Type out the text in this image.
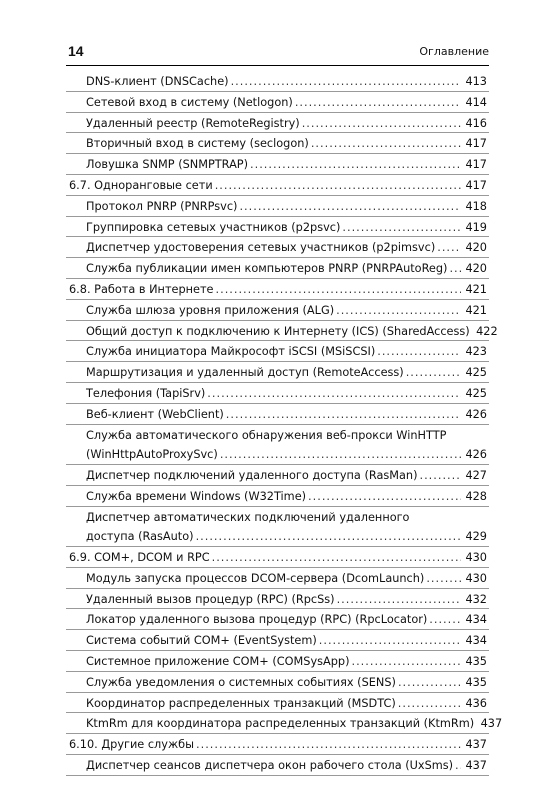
14	Оглавление
DNS-клиент (DNSCache) .....	413
Сетевой вход в систему (Netlogon) .....	414
Удаленный реестр (RemoteRegistry) .....	416
Вторичный вход в систему (seclogon) .....	417
Ловушка SNMP (SNMPTRAP) .....	417
6.7. Одноранговые сети .....	417
Протокол PNRP (PNRPsvc) .....	418
Группировка сетевых участников (p2psvc) .....	419
Диспетчер удостоверения сетевых участников (p2pimsvc) .....	420
Служба публикации имен компьютеров PNRP (PNRPAutoReg) ..... 420
6.8. Работа в Интернете .....	421
Служба шлюза уровня приложения (ALG) .....	421
Общий доступ к подключению к Интернету (ICS) (SharedAccess) 422
Служба инициатора Майкрософт iSCSI (MSiSCSI) .....	423
Маршрутизация и удаленный доступ (RemoteAccess) .....	425
Телефония (TapiSrv) .....	425
Веб-клиент (WebClient) .....	426
Служба автоматического обнаружения веб-прокси WinHTTP
(WinHttpAutoProxySvc) .....	426
Диспетчер подключений удаленного доступа (RasMan) .....	427
Служба времени Windows (W32Time) .....	428
Диспетчер автоматических подключений удаленного
доступа (RasAuto) .....	429
6.9. COM+, DCOM и RPC .....	430
Модуль запуска процессов DCOM-сервера (DcomLaunch) .....	430
Удаленный вызов процедур (RPC) (RpcSs) .....	432
Локатор удаленного вызова процедур (RPC) (RpcLocator) .....	434
Система событий COM+ (EventSystem) .....	434
Системное приложение COM+ (COMSysApp) .....	435
Служба уведомления о системных событиях (SENS) .....	435
Координатор распределенных транзакций (MSDTC) .....	436
KtmRm для координатора распределенных транзакций (KtmRm) 437
6.10. Другие службы .....	437
Диспетчер сеансов диспетчера окон рабочего стола (UxSms) ..... 437
